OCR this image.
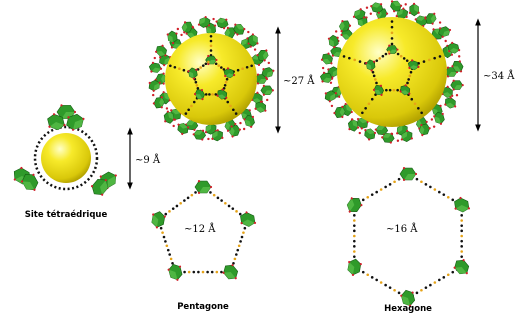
~9 Å
Site tétraédrique
~27 Å	~34 Å
~12 Å
Pentagone
~16 Å
Hexagone
